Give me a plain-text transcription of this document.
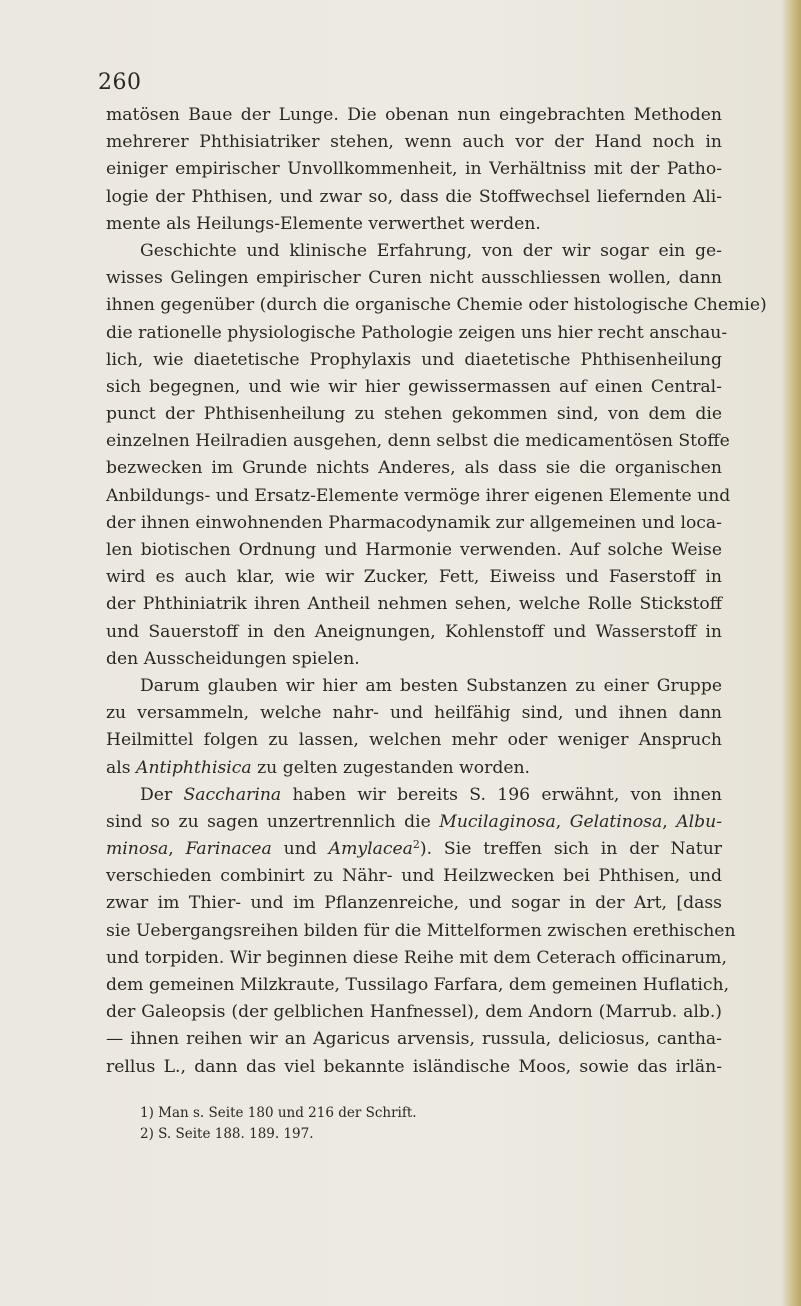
260
matösen Baue der Lunge. Die obenan nun eingebrachten Methoden
mehrerer Phthisiatriker stehen, wenn auch vor der Hand noch in
einiger empirischer Unvollkommenheit, in Verhältniss mit der Patho-
logie der Phthisen, und zwar so, dass die Stoffwechsel liefernden Ali-
mente als Heilungs-Elemente verwerthet werden.
Geschichte und klinische Erfahrung, von der wir sogar ein ge-
wisses Gelingen empirischer Curen nicht ausschliessen wollen, dann
ihnen gegenüber (durch die organische Chemie oder histologische Chemie)
die rationelle physiologische Pathologie zeigen uns hier recht anschau-
lich, wie diaetetische Prophylaxis und diaetetische Phthisenheilung
sich begegnen, und wie wir hier gewissermassen auf einen Central-
punct der Phthisenheilung zu stehen gekommen sind, von dem die
einzelnen Heilradien ausgehen, denn selbst die medicamentösen Stoffe
bezwecken im Grunde nichts Anderes, als dass sie die organischen
Anbildungs- und Ersatz-Elemente vermöge ihrer eigenen Elemente und
der ihnen einwohnenden Pharmacodynamik zur allgemeinen und loca-
len biotischen Ordnung und Harmonie verwenden. Auf solche Weise
wird es auch klar, wie wir Zucker, Fett, Eiweiss und Faserstoff in
der Phthiniatrik ihren Antheil nehmen sehen, welche Rolle Stickstoff
und Sauerstoff in den Aneignungen, Kohlenstoff und Wasserstoff in
den Ausscheidungen spielen.
Darum glauben wir hier am besten Substanzen zu einer Gruppe
zu versammeln, welche nahr- und heilfähig sind, und ihnen dann
Heilmittel folgen zu lassen, welchen mehr oder weniger Anspruch
als Antiphthisica zu gelten zugestanden worden.
Der Saccharina haben wir bereits S. 196 erwähnt, von ihnen
sind so zu sagen unzertrennlich die Mucilaginosa, Gelatinosa, Albu-
minosa, Farinacea und Amylacea$^2$). Sie treffen sich in der Natur
verschieden combinirt zu Nähr- und Heilzwecken bei Phthisen, und
zwar im Thier- und im Pflanzenreiche, und sogar in der Art, [dass
sie Uebergangsreihen bilden für die Mittelformen zwischen erethischen
und torpiden. Wir beginnen diese Reihe mit dem Ceterach officinarum,
dem gemeinen Milzkraute, Tussilago Farfara, dem gemeinen Huflatich,
der Galeopsis (der gelblichen Hanfnessel), dem Andorn (Marrub. alb.)
— ihnen reihen wir an Agaricus arvensis, russula, deliciosus, cantha-
rellus L., dann das viel bekannte isländische Moos, sowie das irlän-
1) Man s. Seite 180 und 216 der Schrift.
2) S. Seite 188. 189. 197.
